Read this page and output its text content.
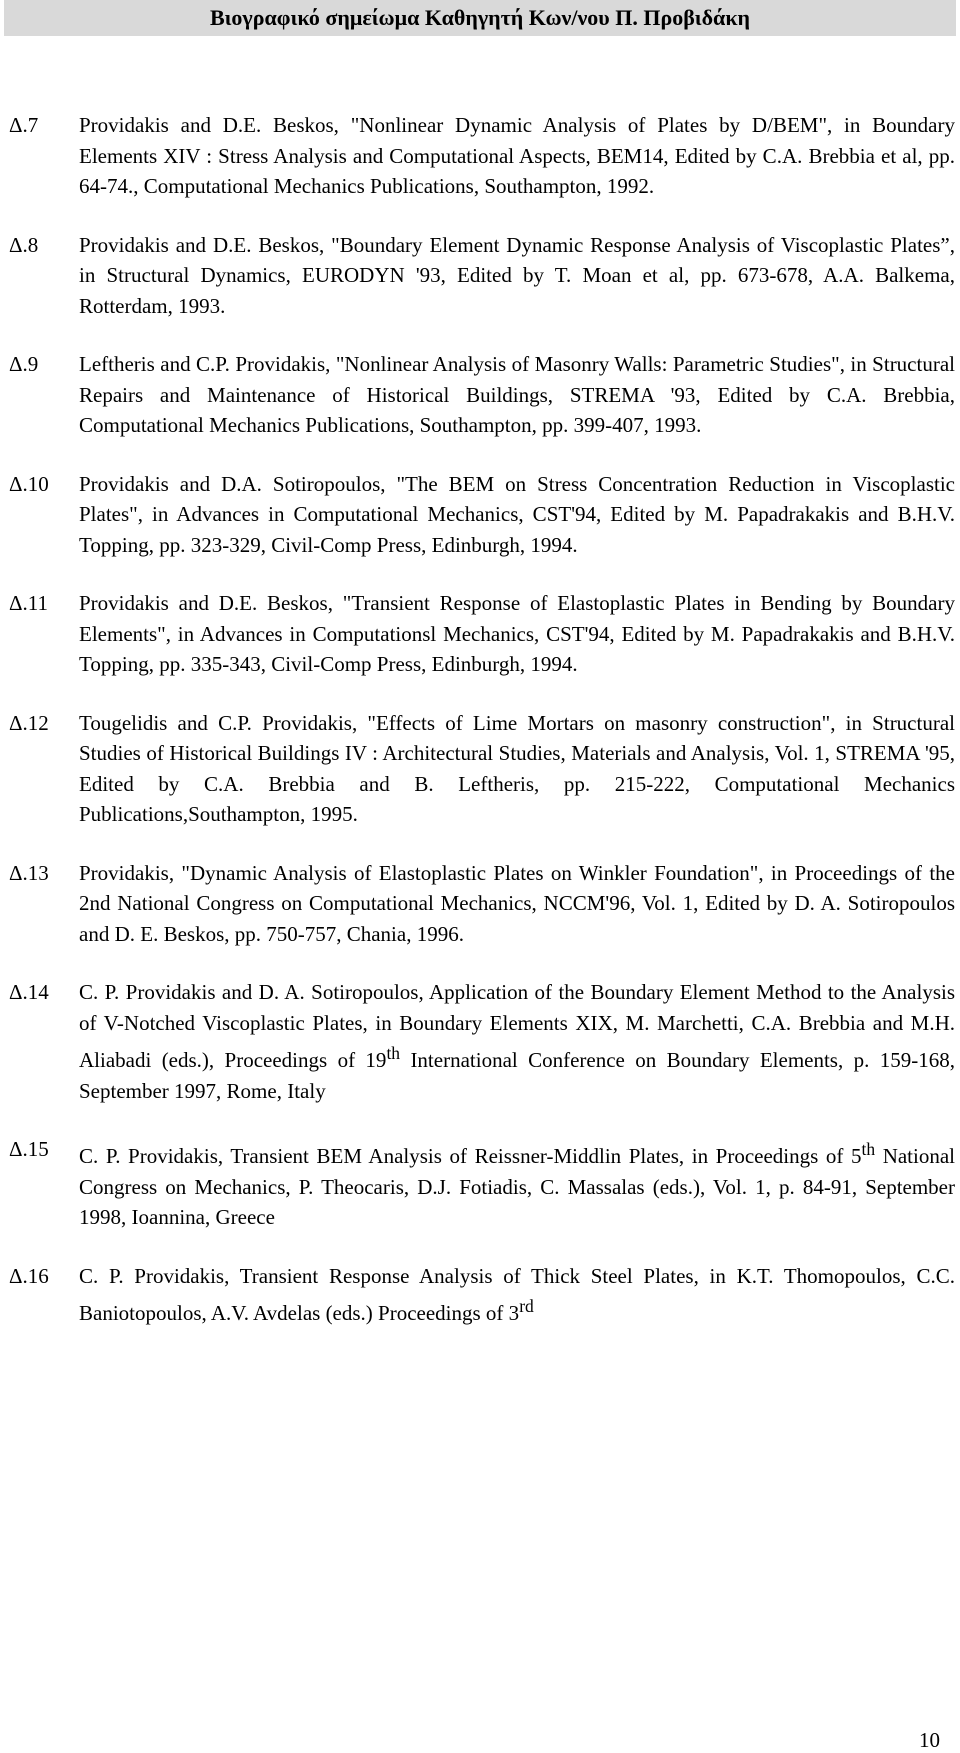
Βιογραφικό σημείωμα Καθηγητή Κων/νου Π. Προβιδάκη
Δ.7	Providakis and D.E. Beskos, "Nonlinear Dynamic Analysis of Plates by D/BEM", in Boundary Elements XIV : Stress Analysis and Computational Aspects, BEM14, Edited by C.A. Brebbia et al, pp. 64-74., Computational Mechanics Publications, Southampton, 1992.
Δ.8	Providakis and D.E. Beskos, "Boundary Element Dynamic Response Analysis of Viscoplastic Plates”, in Structural Dynamics, EURODYN '93, Edited by T. Moan et al, pp. 673-678, A.A. Balkema, Rotterdam, 1993.
Δ.9	Leftheris and C.P. Providakis, "Nonlinear Analysis of Masonry Walls: Parametric Studies", in Structural Repairs and Maintenance of Historical Buildings, STREMA '93, Edited by C.A. Brebbia, Computational Mechanics Publications, Southampton, pp. 399-407, 1993.
Δ.10	Providakis and D.A. Sotiropoulos, "The BEM on Stress Concentration Reduction in Viscoplastic Plates", in Advances in Computational Mechanics, CST'94, Edited by M. Papadrakakis and B.H.V. Topping, pp. 323-329, Civil-Comp Press, Edinburgh, 1994.
Δ.11	Providakis and D.E. Beskos, "Transient Response of Elastoplastic Plates in Bending by Boundary Elements", in Advances in Computationsl Mechanics, CST'94, Edited by M. Papadrakakis and B.H.V. Topping, pp. 335-343, Civil-Comp Press, Edinburgh, 1994.
Δ.12	Tougelidis and C.P. Providakis, "Effects of Lime Mortars on masonry construction", in Structural Studies of Historical Buildings IV : Architectural Studies, Materials and Analysis, Vol. 1, STREMA '95, Edited by C.A. Brebbia and B. Leftheris, pp. 215-222, Computational Mechanics Publications,Southampton, 1995.
Δ.13	Providakis, "Dynamic Analysis of Elastoplastic Plates on Winkler Foundation", in Proceedings of the 2nd National Congress on Computational Mechanics, NCCM'96, Vol. 1, Edited by D. A. Sotiropoulos and D. E. Beskos, pp. 750-757, Chania, 1996.
Δ.14	C. P. Providakis and D. A. Sotiropoulos, Application of the Boundary Element Method to the Analysis of V-Notched Viscoplastic Plates, in Boundary Elements XIX, M. Marchetti, C.A. Brebbia and M.H. Aliabadi (eds.), Proceedings of 19th International Conference on Boundary Elements, p. 159-168, September 1997, Rome, Italy
Δ.15	C. P. Providakis, Transient BEM Analysis of Reissner-Middlin Plates, in Proceedings of 5th National Congress on Mechanics, P. Theocaris, D.J. Fotiadis, C. Massalas (eds.), Vol. 1, p. 84-91, September 1998, Ioannina, Greece
Δ.16	C. P. Providakis, Transient Response Analysis of Thick Steel Plates, in K.T. Thomopoulos, C.C. Baniotopoulos, A.V. Avdelas (eds.) Proceedings of 3rd
10
